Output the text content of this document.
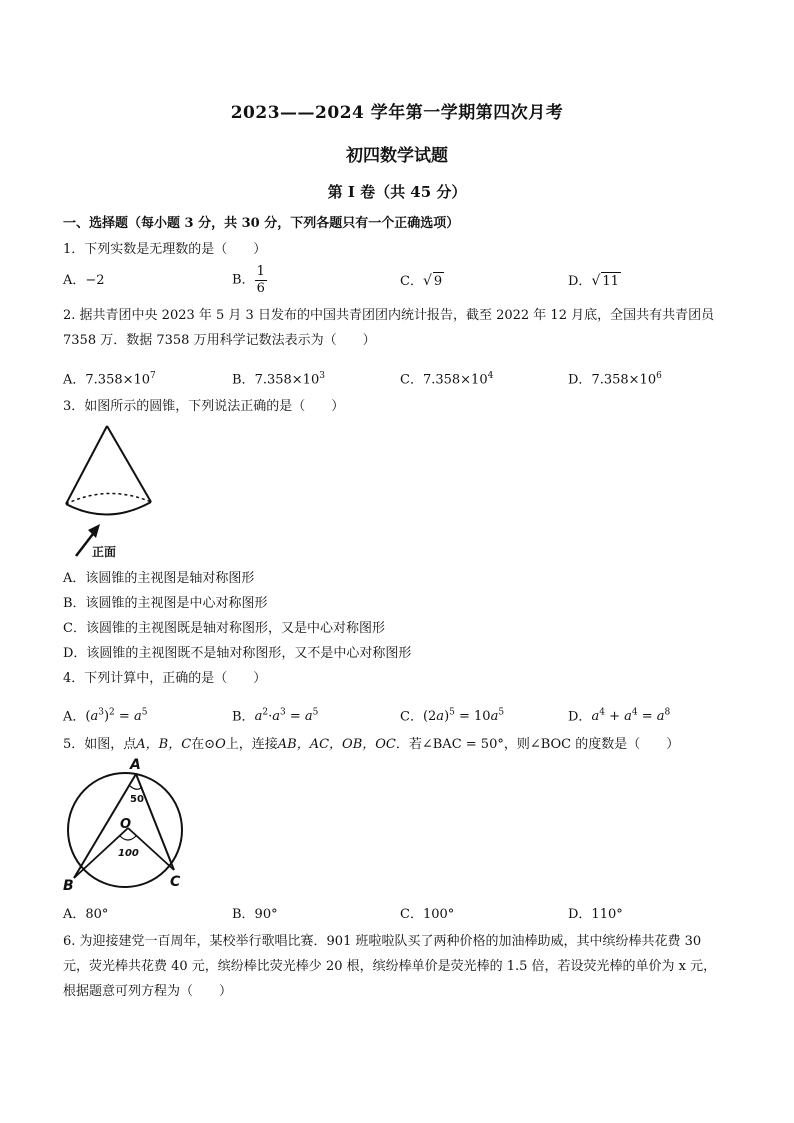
2023——2024 学年第一学期第四次月考
初四数学试题
第 I 卷（共 45 分）
一、选择题（每小题 3 分，共 30 分，下列各题只有一个正确选项）
1．下列实数是无理数的是（　　）
A．−2	B． $\frac{1}{6}$	C．√ 9	D．√ 11
2. 据共青团中央 2023 年 5 月 3 日发布的中国共青团团内统计报告，截至 2022 年 12 月底，全国共有共青团员
7358 万．数据 7358 万用科学记数法表示为（　　）
A．$7.358\times 10^7$	B．$7.358\times 10^3$	C．$7.358\times 10^4$	D．$7.358\times 10^6$
3．如图所示的圆锥，下列说法正确的是（　　）
正面
A．该圆锥的主视图是轴对称图形
B．该圆锥的主视图是中心对称图形
C．该圆锥的主视图既是轴对称图形，又是中心对称图形
D．该圆锥的主视图既不是轴对称图形，又不是中心对称图形
4．下列计算中，正确的是（　　）
A．$(a^3)^2 = a^5$	B．$a^2\cdot a^3 = a^5$	C．$(2a)^5 = 10a^5$	D．$a^4 + a^4 = a^8$
5．如图，点A，B，C在⊙O上，连接AB，AC，OB，OC．若∠BAC = 50°，则∠BOC 的度数是（　　）
A
B	C
O
50
100
A．80°	B．90°	C．100°	D．110°
6. 为迎接建党一百周年，某校举行歌唱比赛．901 班啦啦队买了两种价格的加油棒助威，其中缤纷棒共花费 30
元，荧光棒共花费 40 元，缤纷棒比荧光棒少 20 根，缤纷棒单价是荧光棒的 1.5 倍，若设荧光棒的单价为 x 元，
根据题意可列方程为（　　）
